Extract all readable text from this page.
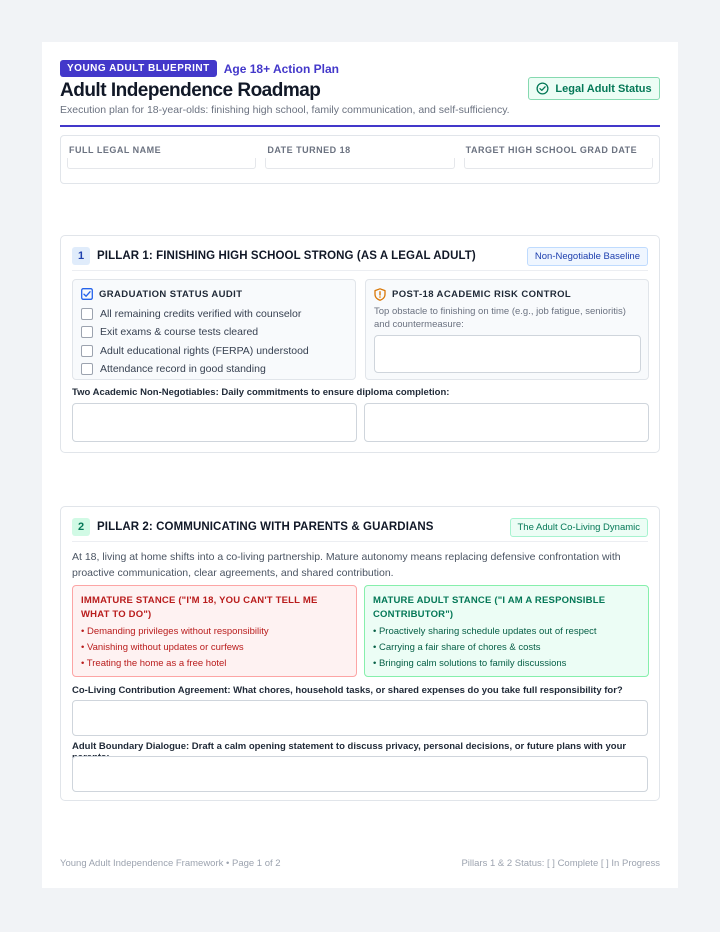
YOUNG ADULT BLUEPRINT	Age 18+ Action Plan
Adult Independence Roadmap
Execution plan for 18-year-olds: finishing high school, family communication, and self-sufficiency.
Legal Adult Status
FULL LEGAL NAME	DATE TURNED 18	TARGET HIGH SCHOOL GRAD DATE
1	PILLAR 1: FINISHING HIGH SCHOOL STRONG (AS A LEGAL ADULT)	Non-Negotiable Baseline
GRADUATION STATUS AUDIT
All remaining credits verified with counselor
Exit exams & course tests cleared
Adult educational rights (FERPA) understood
Attendance record in good standing
POST-18 ACADEMIC RISK CONTROL
Top obstacle to finishing on time (e.g., job fatigue, senioritis) and countermeasure:
Two Academic Non-Negotiables: Daily commitments to ensure diploma completion:
2	PILLAR 2: COMMUNICATING WITH PARENTS & GUARDIANS	The Adult Co-Living Dynamic
At 18, living at home shifts into a co-living partnership. Mature autonomy means replacing defensive confrontation with proactive communication, clear agreements, and shared contribution.
IMMATURE STANCE ("I'M 18, YOU CAN'T TELL ME WHAT TO DO")
• Demanding privileges without responsibility
• Vanishing without updates or curfews
• Treating the home as a free hotel
MATURE ADULT STANCE ("I AM A RESPONSIBLE CONTRIBUTOR")
• Proactively sharing schedule updates out of respect
• Carrying a fair share of chores & costs
• Bringing calm solutions to family discussions
Co-Living Contribution Agreement: What chores, household tasks, or shared expenses do you take full responsibility for?
Adult Boundary Dialogue: Draft a calm opening statement to discuss privacy, personal decisions, or future plans with your
Young Adult Independence Framework • Page 1 of 2	Pillars 1 & 2 Status: [ ] Complete [ ] In Progress
